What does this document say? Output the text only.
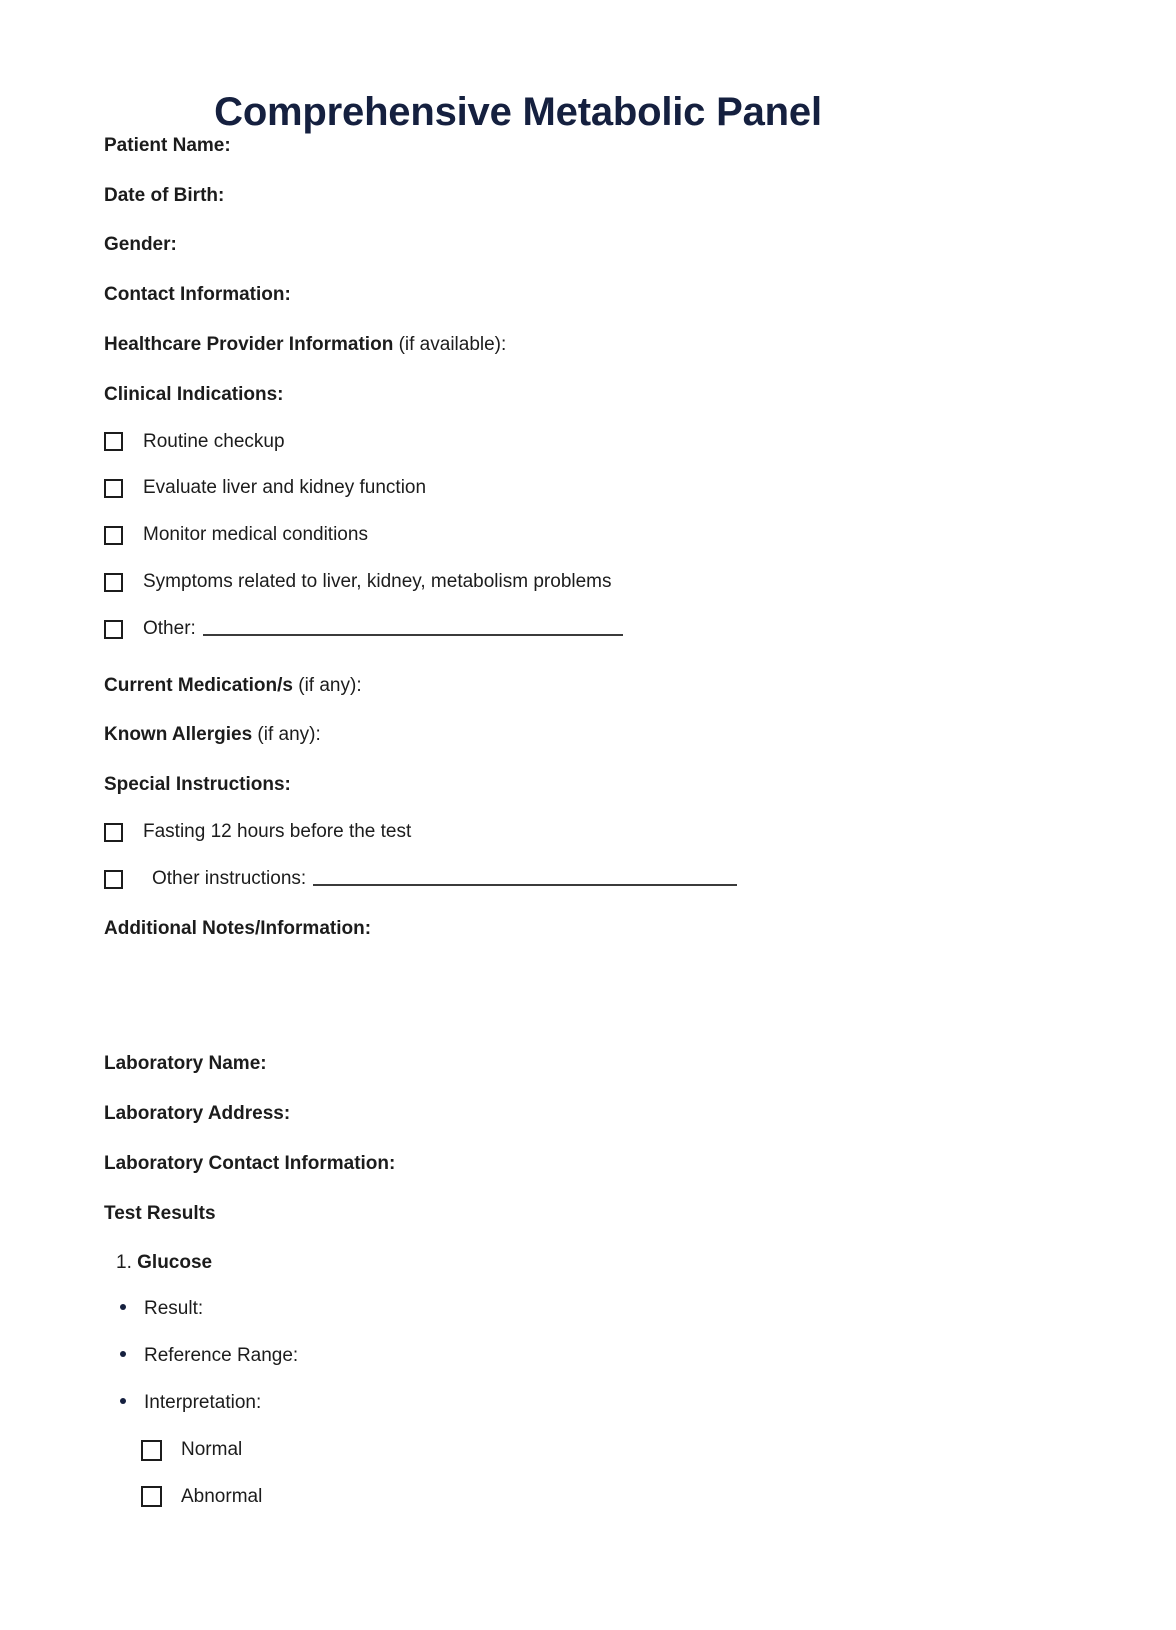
Comprehensive Metabolic Panel
Patient Name:
Date of Birth:
Gender:
Contact Information:
Healthcare Provider Information (if available):
Clinical Indications:
Routine checkup
Evaluate liver and kidney function
Monitor medical conditions
Symptoms related to liver, kidney, metabolism problems
Other:
Current Medication/s (if any):
Known Allergies (if any):
Special Instructions:
Fasting 12 hours before the test
Other instructions:
Additional Notes/Information:
Laboratory Name:
Laboratory Address:
Laboratory Contact Information:
Test Results
1. Glucose
Result:
Reference Range:
Interpretation:
Normal
Abnormal
